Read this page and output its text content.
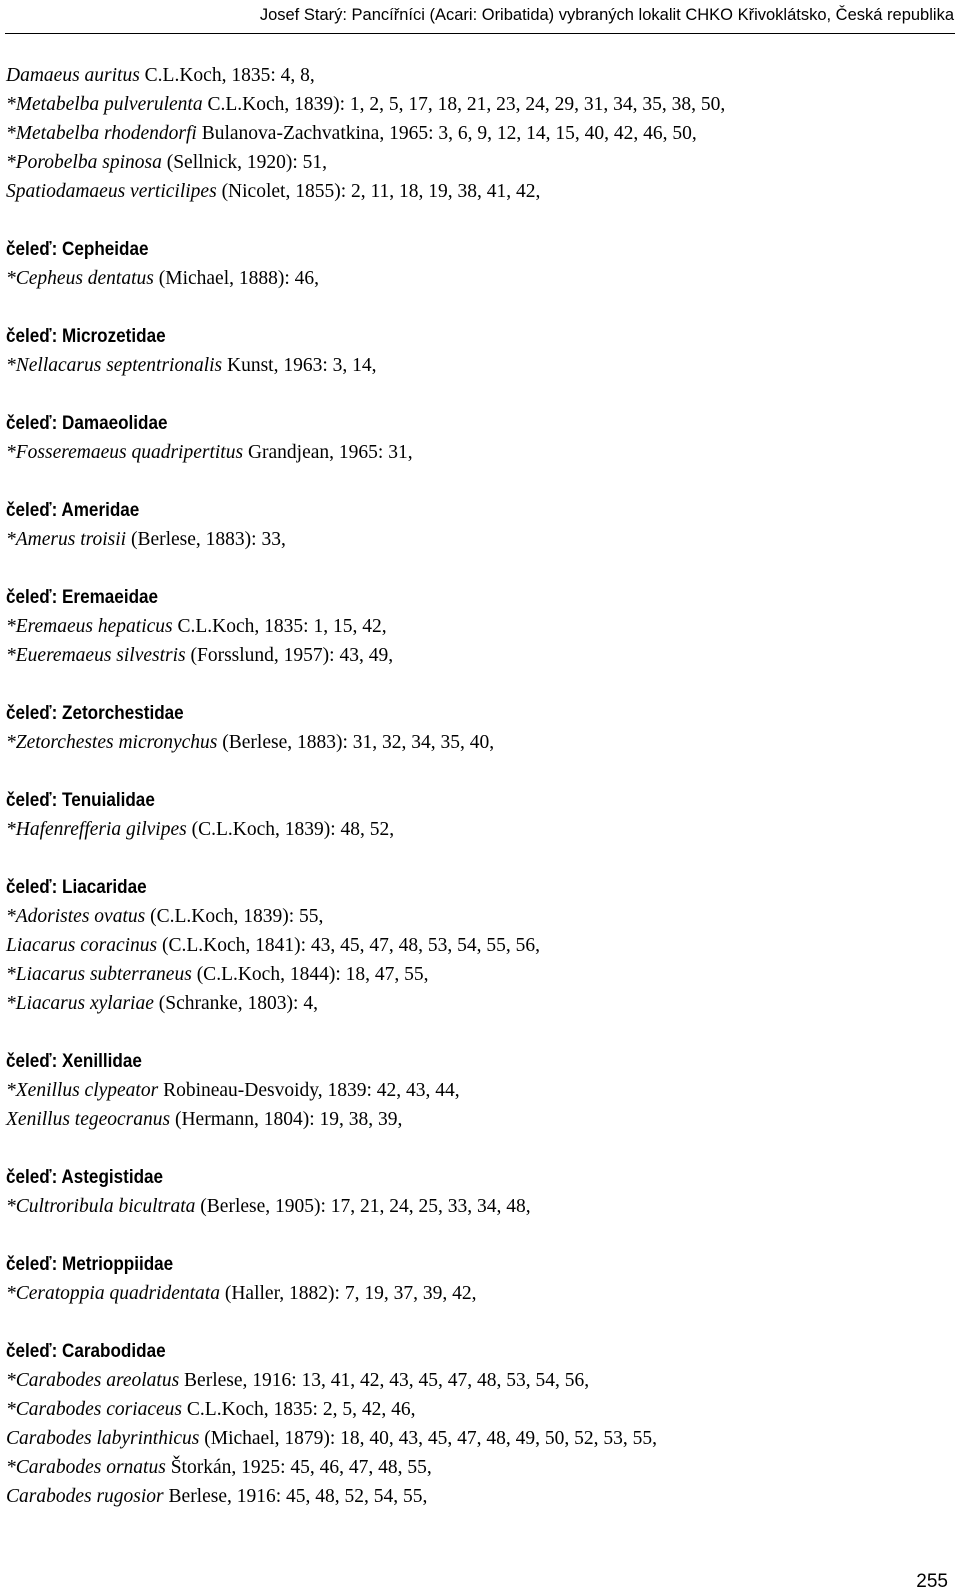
Josef Starý: Pancířníci (Acari: Oribatida) vybraných lokalit CHKO Křivoklátsko, Česká republika
Damaeus auritus C.L.Koch, 1835: 4, 8,
*Metabelba pulverulenta C.L.Koch, 1839): 1, 2, 5, 17, 18, 21, 23, 24, 29, 31, 34, 35, 38, 50,
*Metabelba rhodendorfi Bulanova-Zachvatkina, 1965: 3, 6, 9, 12, 14, 15, 40, 42, 46, 50,
*Porobelba spinosa (Sellnick, 1920): 51,
Spatiodamaeus verticilipes (Nicolet, 1855): 2, 11, 18, 19, 38, 41, 42,
čeleď: Cepheidae
*Cepheus dentatus (Michael, 1888): 46,
čeleď: Microzetidae
*Nellacarus septentrionalis Kunst, 1963: 3, 14,
čeleď: Damaeolidae
*Fosseremaeus quadripertitus Grandjean, 1965: 31,
čeleď: Ameridae
*Amerus troisii (Berlese, 1883): 33,
čeleď: Eremaeidae
*Eremaeus hepaticus C.L.Koch, 1835: 1, 15, 42,
*Eueremaeus silvestris (Forsslund, 1957): 43, 49,
čeleď: Zetorchestidae
*Zetorchestes micronychus (Berlese, 1883): 31, 32, 34, 35, 40,
čeleď: Tenuialidae
*Hafenrefferia gilvipes (C.L.Koch, 1839): 48, 52,
čeleď: Liacaridae
*Adoristes ovatus (C.L.Koch, 1839): 55,
Liacarus coracinus (C.L.Koch, 1841): 43, 45, 47, 48, 53, 54, 55, 56,
*Liacarus subterraneus (C.L.Koch, 1844): 18, 47, 55,
*Liacarus xylariae (Schranke, 1803): 4,
čeleď: Xenillidae
*Xenillus clypeator Robineau-Desvoidy, 1839: 42, 43, 44,
Xenillus tegeocranus (Hermann, 1804): 19, 38, 39,
čeleď: Astegistidae
*Cultroribula bicultrata (Berlese, 1905): 17, 21, 24, 25, 33, 34, 48,
čeleď: Metrioppiidae
*Ceratoppia quadridentata (Haller, 1882): 7, 19, 37, 39, 42,
čeleď: Carabodidae
*Carabodes areolatus Berlese, 1916: 13, 41, 42, 43, 45, 47, 48, 53, 54, 56,
*Carabodes coriaceus C.L.Koch, 1835: 2, 5, 42, 46,
Carabodes labyrinthicus (Michael, 1879): 18, 40, 43, 45, 47, 48, 49, 50, 52, 53, 55,
*Carabodes ornatus Štorkán, 1925: 45, 46, 47, 48, 55,
Carabodes rugosior Berlese, 1916: 45, 48, 52, 54, 55,
255
